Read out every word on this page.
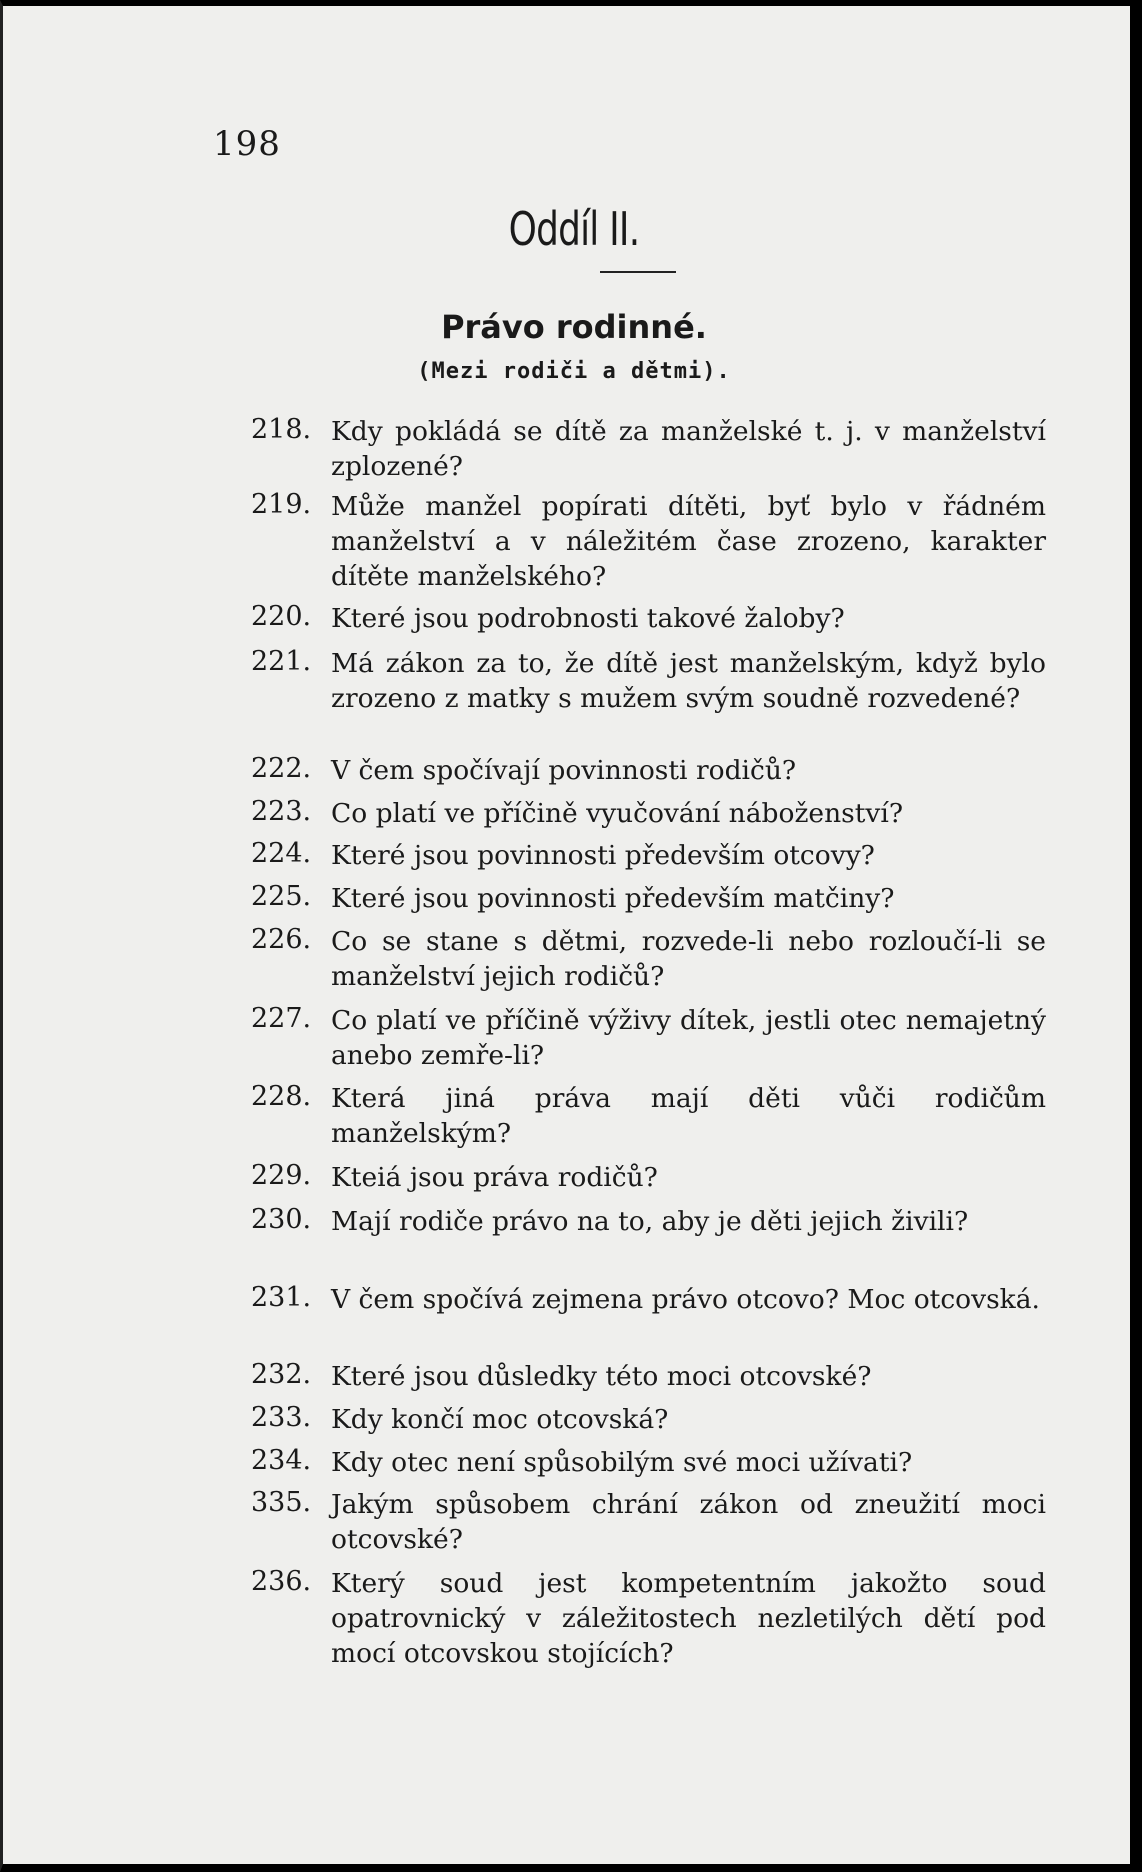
198
Oddíl II.
Právo rodinné.
(Mezi rodiči a dětmi).
218. Kdy pokládá se dítě za manželské t. j. v manželství zplozené?
219. Může manžel popírati dítěti, byť bylo v řádném manželství a v náležitém čase zrozeno, karakter dítěte manželského?
220. Které jsou podrobnosti takové žaloby?
221. Má zákon za to, že dítě jest manželským, když bylo zrozeno z matky s mužem svým soudně rozvedené?
222. V čem spočívají povinnosti rodičů?
223. Co platí ve příčině vyučování náboženství?
224. Které jsou povinnosti především otcovy?
225. Které jsou povinnosti především matčiny?
226. Co se stane s dětmi, rozvede-li nebo rozloučí-li se manželství jejich rodičů?
227. Co platí ve příčině výživy dítek, jestli otec nemajetný anebo zemře-li?
228. Která jiná práva mají děti vůči rodičům manželským?
229. Kteiá jsou práva rodičů?
230. Mají rodiče právo na to, aby je děti jejich živili?
231. V čem spočívá zejmena právo otcovo? Moc otcovská.
232. Které jsou důsledky této moci otcovské?
233. Kdy končí moc otcovská?
234. Kdy otec není spůsobilým své moci užívati?
335. Jakým spůsobem chrání zákon od zneužití moci otcovské?
236. Který soud jest kompetentním jakožto soud opatrovnický v záležitostech nezletilých dětí pod mocí otcovskou stojících?
